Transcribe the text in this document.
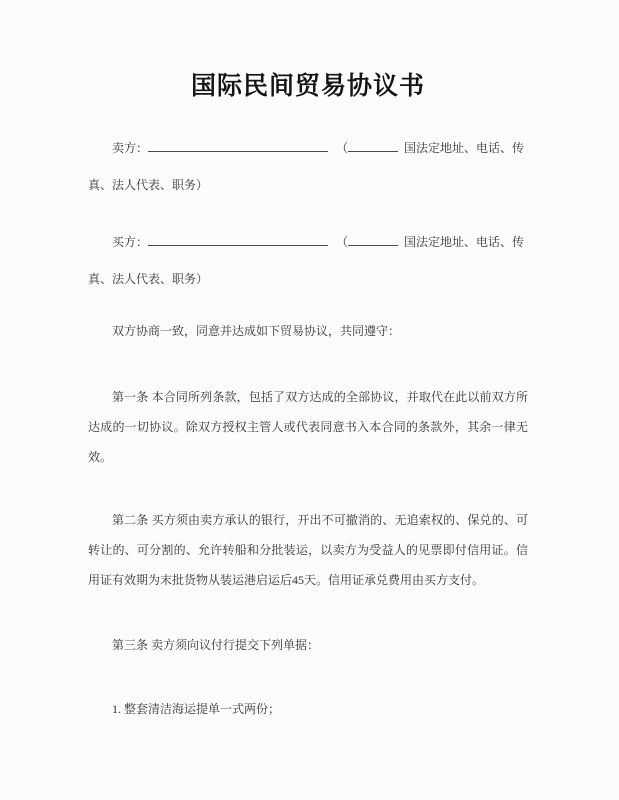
国际民间贸易协议书

卖方：	（	国法定地址、电话、传真、法人代表、职务）

买方：	（	国法定地址、电话、传真、法人代表、职务）

双方协商一致，同意并达成如下贸易协议，共同遵守：

第一条 本合同所列条款，包括了双方达成的全部协议，并取代在此以前双方所达成的一切协议。除双方授权主管人或代表同意书入本合同的条款外，其余一律无效。

第二条 买方须由卖方承认的银行，开出不可撤消的、无追索权的、保兑的、可转让的、可分割的、允许转船和分批装运，以卖方为受益人的见票即付信用证。信用证有效期为末批货物从装运港启运后45天。信用证承兑费用由买方支付。

第三条 卖方须向议付行提交下列单据：

1. 整套清洁海运提单一式两份；
